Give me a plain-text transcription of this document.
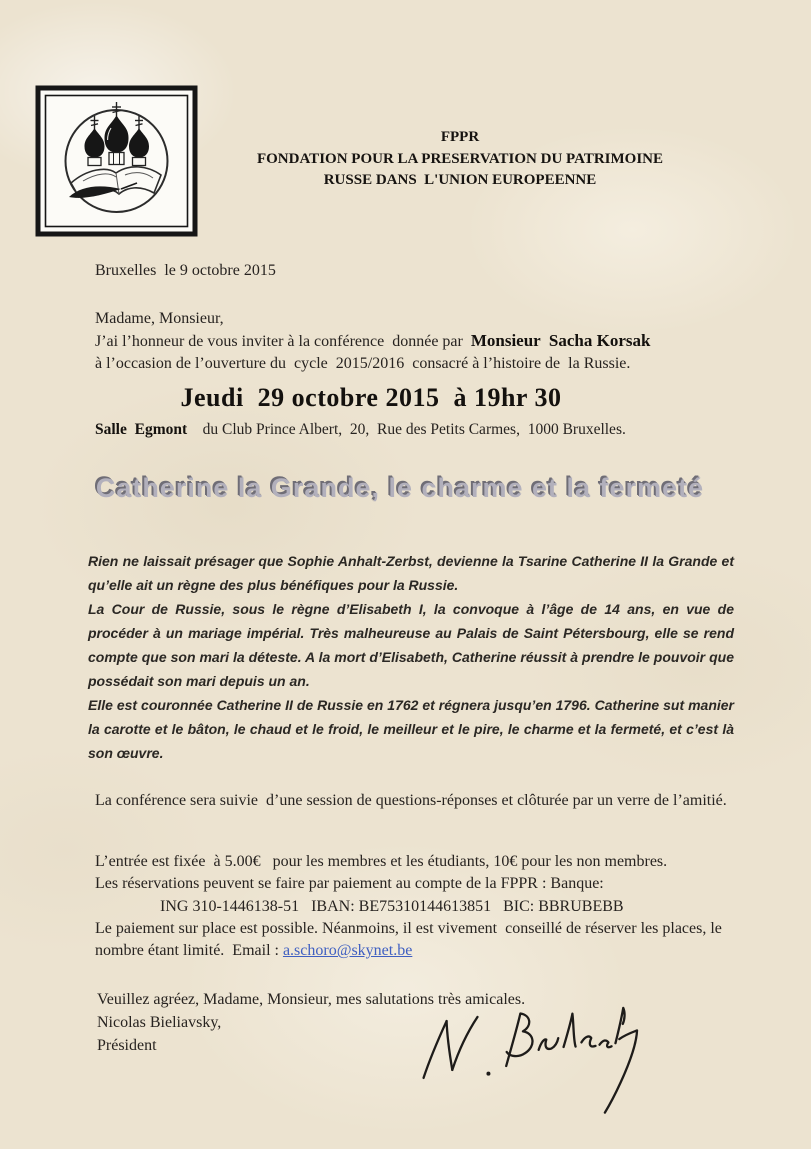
FPPR
FONDATION POUR LA PRESERVATION DU PATRIMOINE
RUSSE DANS  L'UNION EUROPEENNE
Bruxelles  le 9 octobre 2015
Madame, Monsieur,
J’ai l’honneur de vous inviter à la conférence  donnée par  Monsieur  Sacha Korsak
à l’occasion de l’ouverture du  cycle  2015/2016  consacré à l’histoire de  la Russie.
Jeudi  29 octobre 2015  à 19hr 30
Salle  Egmont    du Club Prince Albert,  20,  Rue des Petits Carmes,  1000 Bruxelles.
Catherine la Grande, le charme et la fermeté

Rien ne laissait présager que Sophie Anhalt-Zerbst, devienne la Tsarine Catherine II la Grande et qu’elle ait un règne des plus bénéfiques pour la Russie.

La Cour de Russie, sous le règne d’Elisabeth I, la convoque à l’âge de 14 ans, en vue de procéder à un mariage impérial. Très malheureuse au Palais de Saint Pétersbourg, elle se rend compte que son mari la déteste. A la mort d’Elisabeth, Catherine réussit à prendre le pouvoir que possédait son mari depuis un an.

Elle est couronnée Catherine II de Russie en 1762 et régnera jusqu’en 1796. Catherine sut manier la carotte et le bâton, le chaud et le froid, le meilleur et le pire, le charme et la fermeté, et c’est là son œuvre.

La conférence sera suivie  d’une session de questions-réponses et clôturée par un verre de l’amitié.

L’entrée est fixée  à 5.00€   pour les membres et les étudiants, 10€ pour les non membres.

Les réservations peuvent se faire par paiement au compte de la FPPR : Banque:

ING 310-1446138-51   IBAN: BE75310144613851   BIC: BBRUBEBB

Le paiement sur place est possible. Néanmoins, il est vivement  conseillé de réserver les places, le nombre étant limité.  Email : a.schoro@skynet.be

Veuillez agréez, Madame, Monsieur, mes salutations très amicales.

Nicolas Bieliavsky,

Président
